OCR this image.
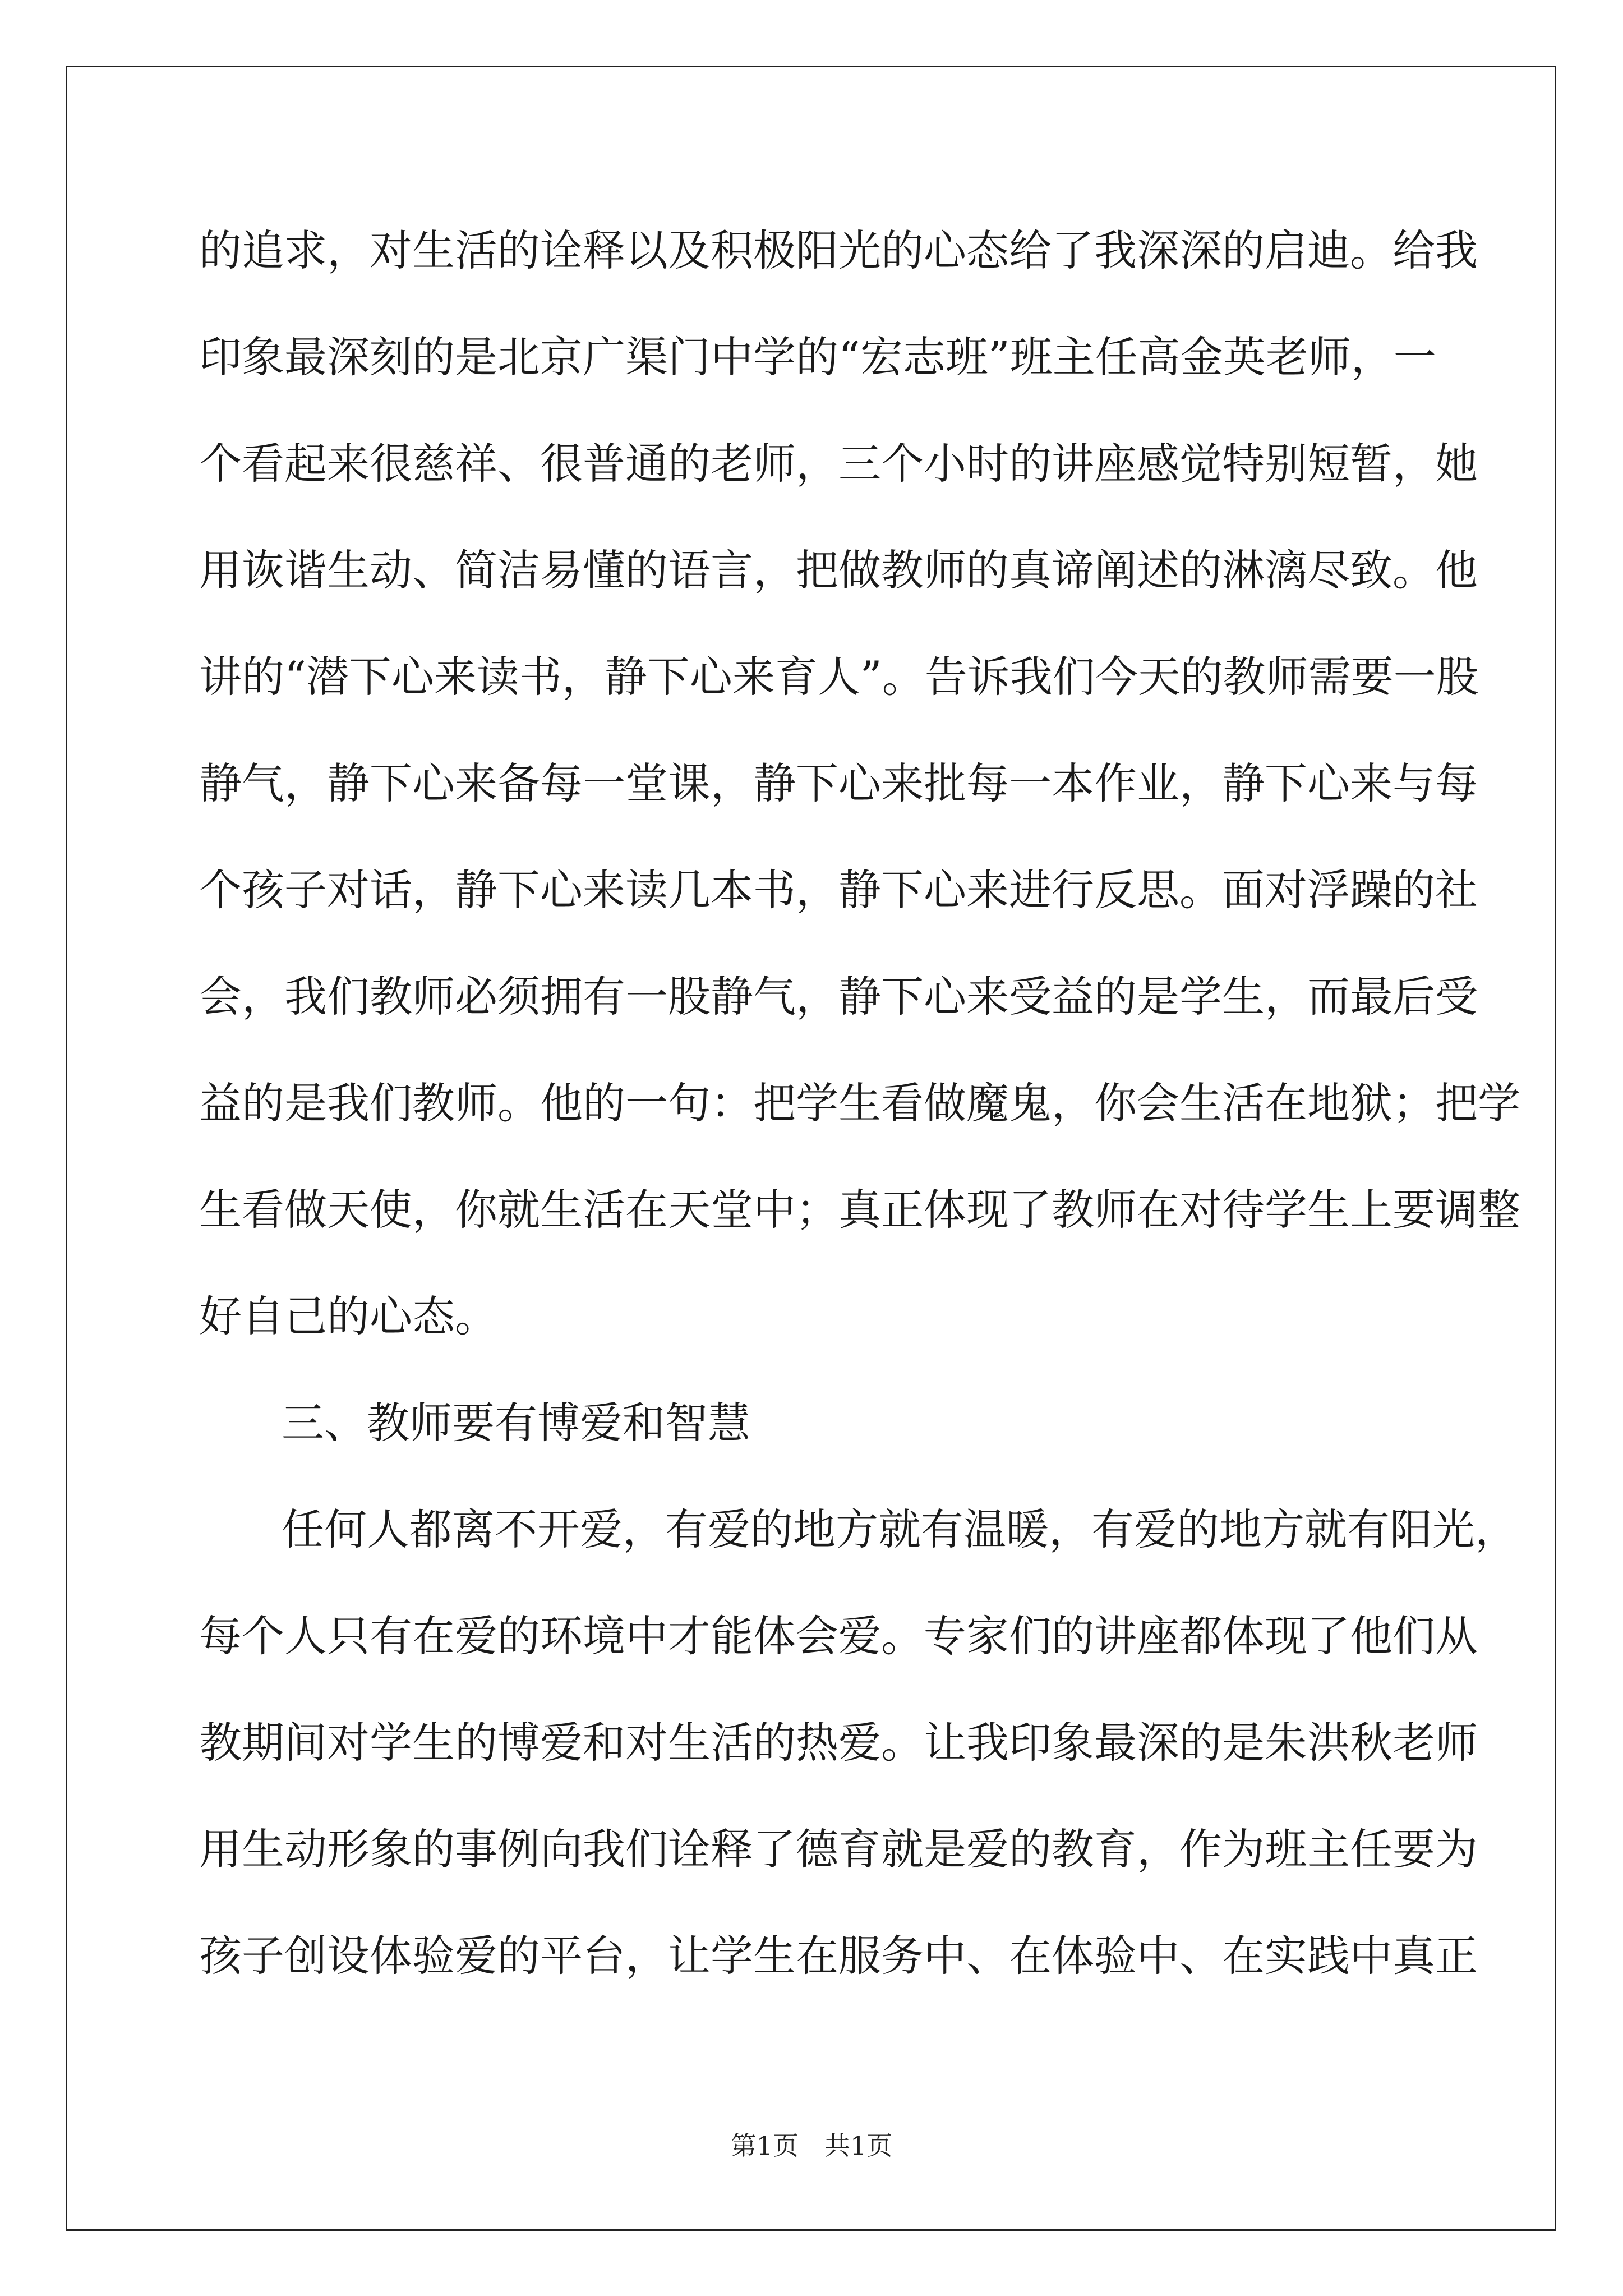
的追求，对生活的诠释以及积极阳光的心态给了我深深的启迪。给我
印象最深刻的是北京广渠门中学的“宏志班”班主任高金英老师，一
个看起来很慈祥、很普通的老师，三个小时的讲座感觉特别短暂，她
用诙谐生动、简洁易懂的语言，把做教师的真谛阐述的淋漓尽致。他
讲的“潜下心来读书，静下心来育人”。告诉我们今天的教师需要一股
静气，静下心来备每一堂课，静下心来批每一本作业，静下心来与每
个孩子对话，静下心来读几本书，静下心来进行反思。面对浮躁的社
会，我们教师必须拥有一股静气，静下心来受益的是学生，而最后受
益的是我们教师。他的一句：把学生看做魔鬼，你会生活在地狱；把学
生看做天使，你就生活在天堂中；真正体现了教师在对待学生上要调整
好自己的心态。
三、教师要有博爱和智慧
任何人都离不开爱，有爱的地方就有温暖，有爱的地方就有阳光，
每个人只有在爱的环境中才能体会爱。专家们的讲座都体现了他们从
教期间对学生的博爱和对生活的热爱。让我印象最深的是朱洪秋老师
用生动形象的事例向我们诠释了德育就是爱的教育，作为班主任要为
孩子创设体验爱的平台，让学生在服务中、在体验中、在实践中真正
第1页　共1页
